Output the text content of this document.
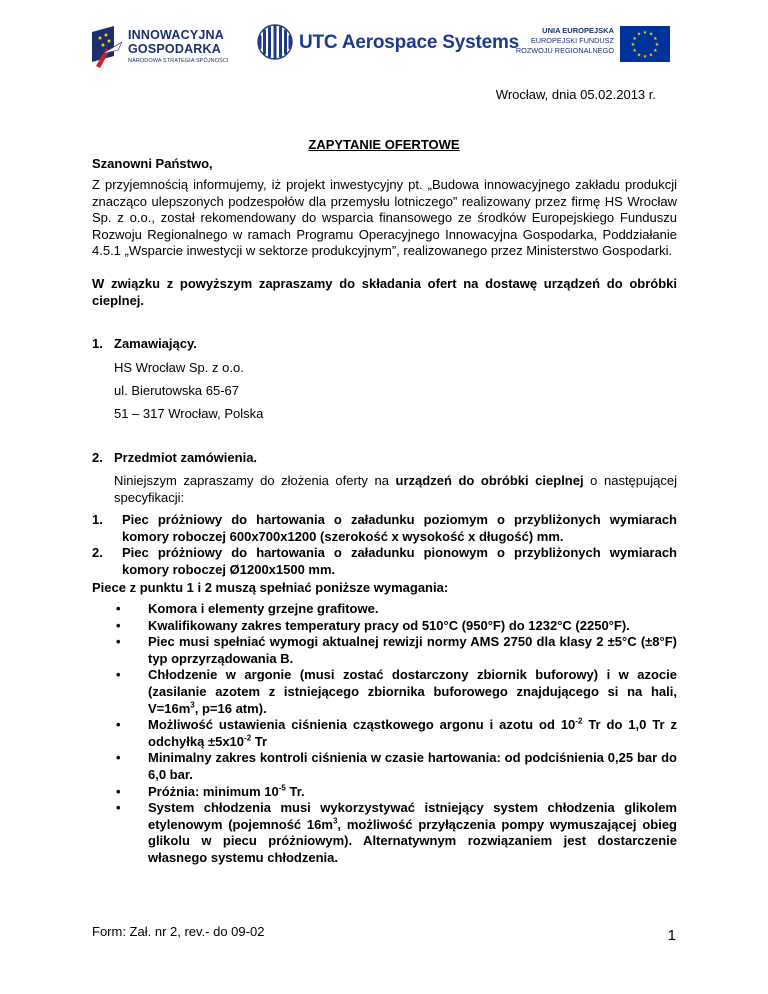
INNOWACYJNA
GOSPODARKA
NARODOWA STRATEGIA SPÓJNOŚCI
UTC Aerospace Systems
UNIA EUROPEJSKA
EUROPEJSKI FUNDUSZ
ROZWOJU REGIONALNEGO
★ ★
★
★
★
★
★
★
★
★
★
★
Wrocław, dnia 05.02.2013 r.
ZAPYTANIE OFERTOWE
Szanowni Państwo,
Z przyjemnością informujemy, iż projekt inwestycyjny pt. „Budowa innowacyjnego zakładu produkcji znacząco ulepszonych podzespołów dla przemysłu lotniczego” realizowany przez firmę HS Wrocław Sp. z o.o., został rekomendowany do wsparcia finansowego ze środków Europejskiego Funduszu Rozwoju Regionalnego w ramach Programu Operacyjnego Innowacyjna Gospodarka, Poddziałanie 4.5.1 „Wsparcie inwestycji w sektorze produkcyjnym”, realizowanego przez Ministerstwo Gospodarki.
W związku z powyższym zapraszamy do składania ofert na dostawę urządzeń do obróbki cieplnej.
1. Zamawiający.
HS Wrocław Sp. z o.o.
ul. Bierutowska 65-67
51 – 317 Wrocław, Polska
2. Przedmiot zamówienia.
Niniejszym zapraszamy do złożenia oferty na urządzeń do obróbki cieplnej o następującej specyfikacji:
1. Piec próżniowy do hartowania o załadunku poziomym o przybliżonych wymiarach komory roboczej 600x700x1200 (szerokość x wysokość x długość) mm.
2. Piec próżniowy do hartowania o załadunku pionowym o przybliżonych wymiarach komory roboczej Ø1200x1500 mm.
Piece z punktu 1 i 2 muszą spełniać poniższe wymagania:
• Komora i elementy grzejne grafitowe.
• Kwalifikowany zakres temperatury pracy od 510°C (950°F) do 1232°C (2250°F).
• Piec musi spełniać wymogi aktualnej rewizji normy AMS 2750 dla klasy 2 ±5°C (±8°F) typ oprzyrządowania B.
• Chłodzenie w argonie (musi zostać dostarczony zbiornik buforowy) i w azocie (zasilanie azotem z istniejącego zbiornika buforowego znajdującego si na hali, $V=16m^3$, p=16 atm).
• Możliwość ustawienia ciśnienia cząstkowego argonu i azotu od $10^{-2}$ Tr do 1,0 Tr z odchyłką $\pm 5x10^{-2}$ Tr
• Minimalny zakres kontroli ciśnienia w czasie hartowania: od podciśnienia 0,25 bar do 6,0 bar.
• Próżnia: minimum $10^{-5}$ Tr.
• System chłodzenia musi wykorzystywać istniejący system chłodzenia glikolem etylenowym (pojemność $16m^3$, możliwość przyłączenia pompy wymuszającej obieg glikolu w piecu próżniowym). Alternatywnym rozwiązaniem jest dostarczenie własnego systemu chłodzenia.
Form: Zał. nr 2, rev.- do 09-02	1
